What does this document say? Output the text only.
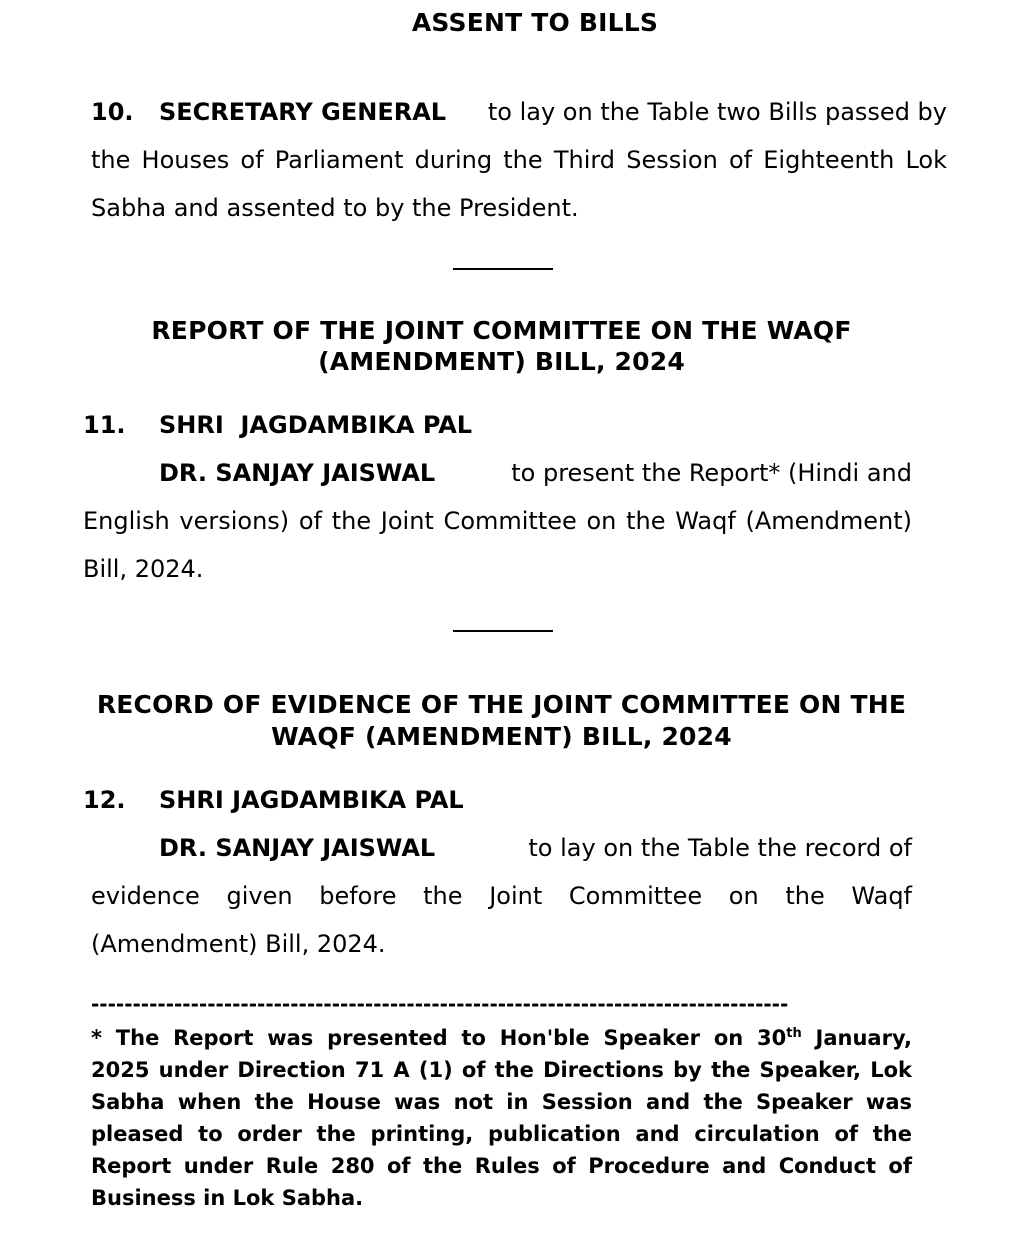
ASSENT TO BILLS
10.	SECRETARY GENERAL to lay on the Table two Bills passed by
the Houses of Parliament during the Third Session of Eighteenth Lok
Sabha and assented to by the President.
REPORT OF THE JOINT COMMITTEE ON THE WAQF
(AMENDMENT) BILL, 2024
11.	SHRI  JAGDAMBIKA PAL
DR. SANJAY JAISWAL	to present the Report* (Hindi and
English versions) of the Joint Committee on the Waqf (Amendment)
Bill, 2024.
RECORD OF EVIDENCE OF THE JOINT COMMITTEE ON THE
WAQF (AMENDMENT) BILL, 2024
12.	SHRI JAGDAMBIKA PAL
DR. SANJAY JAISWAL	to lay on the Table the record of
evidence given before the Joint Committee on the Waqf
(Amendment) Bill, 2024.
------------------------------------------------------------------------------------
* The Report was presented to Hon'ble Speaker on 30th January, 2025 under Direction 71 A (1) of the Directions by the Speaker, Lok Sabha when the House was not in Session and the Speaker was pleased to order the printing, publication and circulation of the Report under Rule 280 of the Rules of Procedure and Conduct of Business in Lok Sabha.
